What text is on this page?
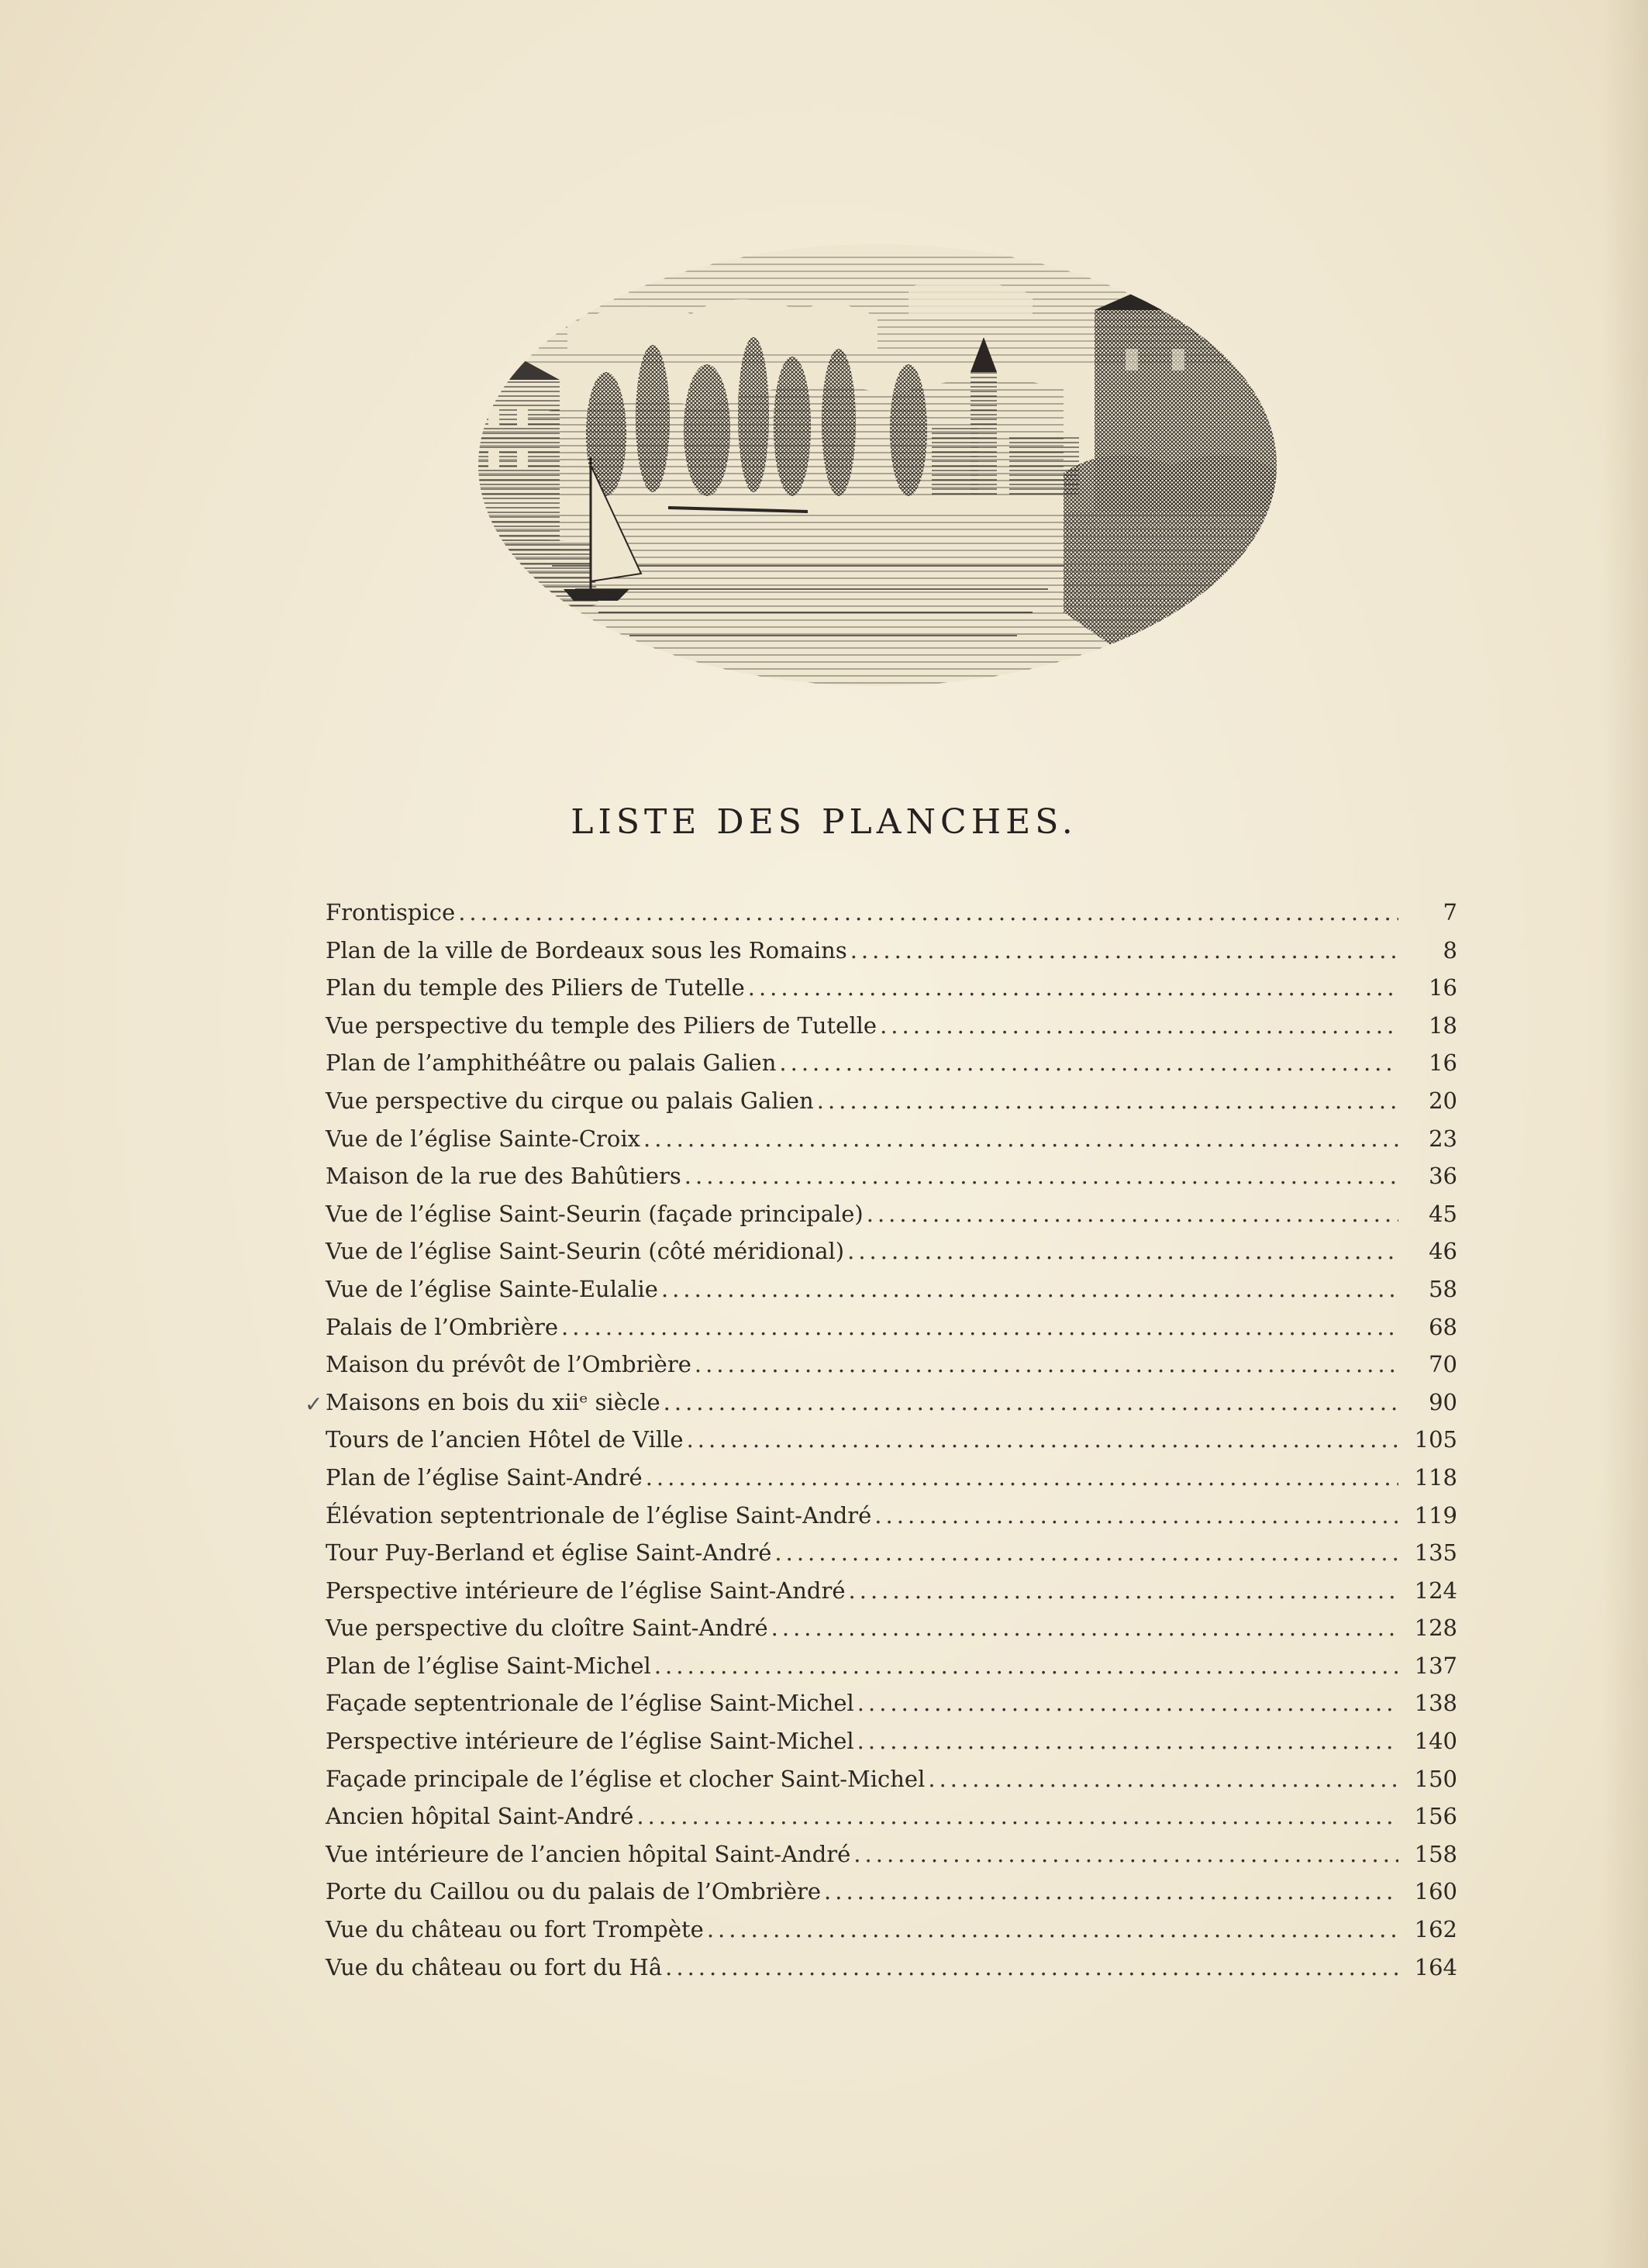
LISTE DES PLANCHES.
✓
Frontispice .....	7
Plan de la ville de Bordeaux sous les Romains .....	8
Plan du temple des Piliers de Tutelle .....	16
Vue perspective du temple des Piliers de Tutelle .....	18
Plan de l’amphithéâtre ou palais Galien .....	16
Vue perspective du cirque ou palais Galien .....	20
Vue de l’église Sainte-Croix .....	23
Maison de la rue des Bahûtiers .....	36
Vue de l’église Saint-Seurin (façade principale) .....	45
Vue de l’église Saint-Seurin (côté méridional) .....	46
Vue de l’église Sainte-Eulalie .....	58
Palais de l’Ombrière .....	68
Maison du prévôt de l’Ombrière .....	70
Maisons en bois du xiiᵉ siècle .....	90
Tours de l’ancien Hôtel de Ville .....	105
Plan de l’église Saint-André .....	118
Élévation septentrionale de l’église Saint-André .....	119
Tour Puy-Berland et église Saint-André .....	135
Perspective intérieure de l’église Saint-André .....	124
Vue perspective du cloître Saint-André .....	128
Plan de l’église Saint-Michel .....	137
Façade septentrionale de l’église Saint-Michel .....	138
Perspective intérieure de l’église Saint-Michel .....	140
Façade principale de l’église et clocher Saint-Michel .....	150
Ancien hôpital Saint-André .....	156
Vue intérieure de l’ancien hôpital Saint-André .....	158
Porte du Caillou ou du palais de l’Ombrière .....	160
Vue du château ou fort Trompète .....	162
Vue du château ou fort du Hâ .....	164
